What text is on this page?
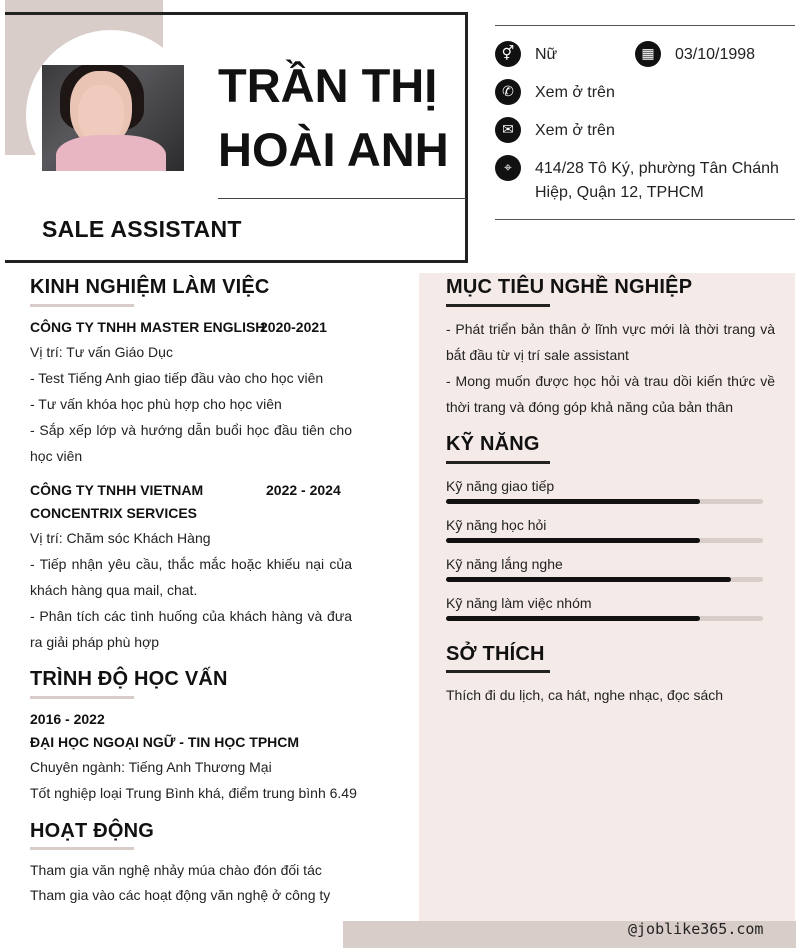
TRẦN THỊ
HOÀI ANH
SALE ASSISTANT
⚥	Nữ	▦	03/10/1998
✆	Xem ở trên
✉	Xem ở trên
⌖	414/28 Tô Ký, phường Tân Chánh
Hiệp, Quận 12, TPHCM
KINH NGHIỆM LÀM VIỆC
CÔNG TY TNHH MASTER ENGLISH
2020-2021
Vị trí: Tư vấn Giáo Dục
- Test Tiếng Anh giao tiếp đầu vào cho học viên
- Tư vấn khóa học phù hợp cho học viên
- Sắp xếp lớp và hướng dẫn buổi học đầu tiên cho học viên
CÔNG TY TNHH VIETNAM	2022 - 2024
CONCENTRIX SERVICES
Vị trí: Chăm sóc Khách Hàng
- Tiếp nhận yêu cầu, thắc mắc hoặc khiếu nại của khách hàng qua mail, chat.
- Phân tích các tình huống của khách hàng và đưa ra giải pháp phù hợp
TRÌNH ĐỘ HỌC VẤN
2016 - 2022
ĐẠI HỌC NGOẠI NGỮ - TIN HỌC TPHCM
Chuyên ngành: Tiếng Anh Thương Mại
Tốt nghiệp loại Trung Bình khá, điểm trung bình 6.49
HOẠT ĐỘNG
Tham gia văn nghệ nhảy múa chào đón đối tác
Tham gia vào các hoạt động văn nghệ ở công ty
MỤC TIÊU NGHỀ NGHIỆP
- Phát triển bản thân ở lĩnh vực mới là thời trang và bắt đầu từ vị trí sale assistant
- Mong muốn được học hỏi và trau dồi kiến thức về thời trang và đóng góp khả năng của bản thân
KỸ NĂNG
Kỹ năng giao tiếp
Kỹ năng học hỏi
Kỹ năng lắng nghe
Kỹ năng làm việc nhóm
SỞ THÍCH
Thích đi du lịch, ca hát, nghe nhạc, đọc sách
@joblike365.com
